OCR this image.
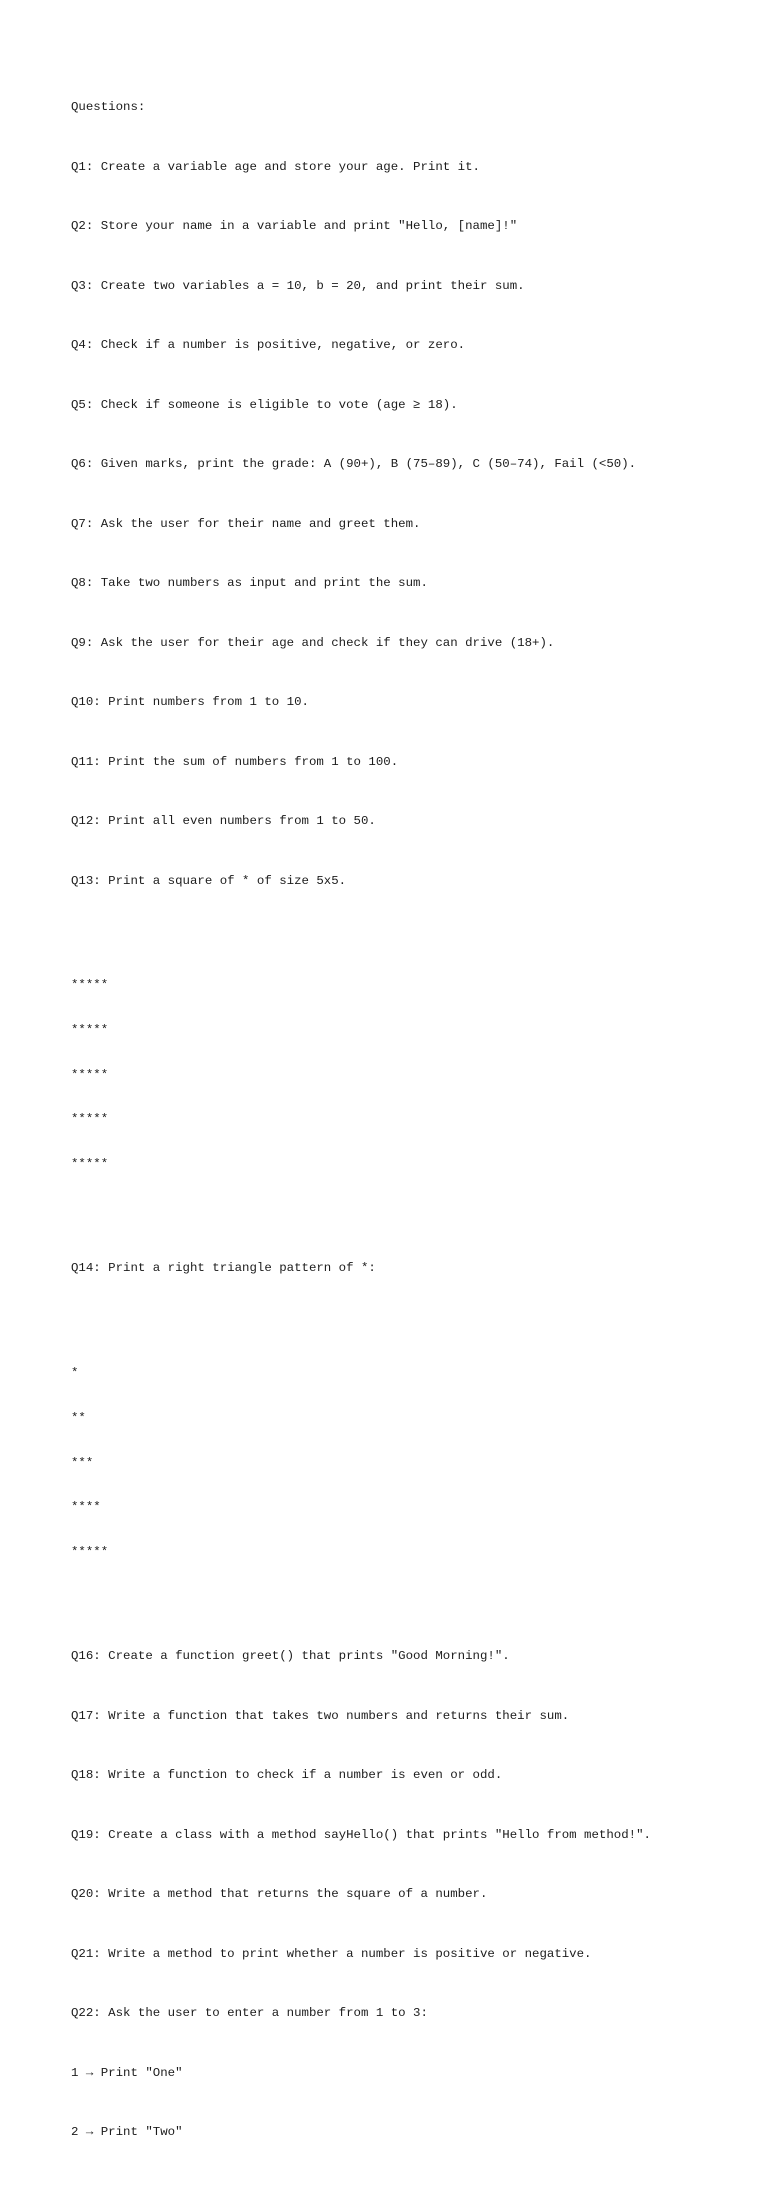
Questions:

Q1: Create a variable age and store your age. Print it.

Q2: Store your name in a variable and print "Hello, [name]!"

Q3: Create two variables a = 10, b = 20, and print their sum.

Q4: Check if a number is positive, negative, or zero.

Q5: Check if someone is eligible to vote (age ≥ 18).

Q6: Given marks, print the grade: A (90+), B (75–89), C (50–74), Fail (<50).

Q7: Ask the user for their name and greet them.

Q8: Take two numbers as input and print the sum.

Q9: Ask the user for their age and check if they can drive (18+).

Q10: Print numbers from 1 to 10.

Q11: Print the sum of numbers from 1 to 100.

Q12: Print all even numbers from 1 to 50.

Q13: Print a square of * of size 5x5.

*****

*****

*****

*****

*****

Q14: Print a right triangle pattern of *:

*

**

***

****

*****

Q16: Create a function greet() that prints "Good Morning!".

Q17: Write a function that takes two numbers and returns their sum.

Q18: Write a function to check if a number is even or odd.

Q19: Create a class with a method sayHello() that prints "Hello from method!".

Q20: Write a method that returns the square of a number.

Q21: Write a method to print whether a number is positive or negative.

Q22: Ask the user to enter a number from 1 to 3:

1 → Print "One"

2 → Print "Two"
